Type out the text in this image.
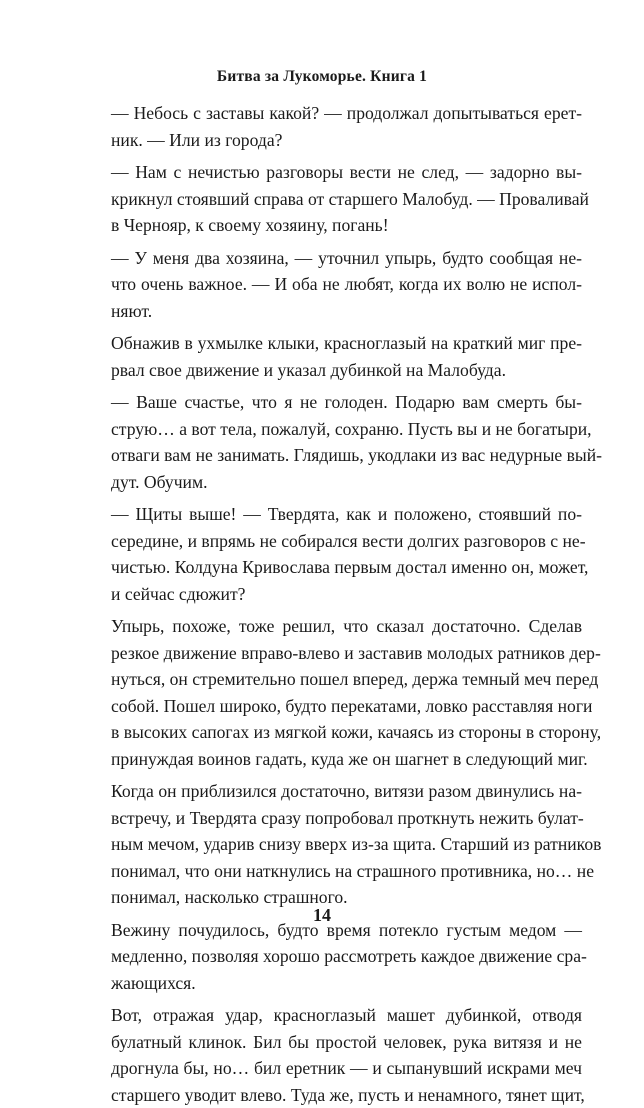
Битва за Лукоморье. Книга 1
— Небось с заставы какой? — продолжал допытываться ерет-
ник. — Или из города?
— Нам с нечистью разговоры вести не след, — задорно вы-
крикнул стоявший справа от старшего Малобуд. — Проваливай
в Чернояр, к своему хозяину, погань!
— У меня два хозяина, — уточнил упырь, будто сообщая не-
что очень важное. — И оба не любят, когда их волю не испол-
няют.
Обнажив в ухмылке клыки, красноглазый на краткий миг пре-
рвал свое движение и указал дубинкой на Малобуда.
— Ваше счастье, что я не голоден. Подарю вам смерть бы-
струю… а вот тела, пожалуй, сохраню. Пусть вы и не богатыри,
отваги вам не занимать. Глядишь, укодлаки из вас недурные вый-
дут. Обучим.
— Щиты выше! — Твердята, как и положено, стоявший по-
середине, и впрямь не собирался вести долгих разговоров с не-
чистью. Колдуна Кривослава первым достал именно он, может,
и сейчас сдюжит?
Упырь, похоже, тоже решил, что сказал достаточно. Сделав
резкое движение вправо-влево и заставив молодых ратников дер-
нуться, он стремительно пошел вперед, держа темный меч перед
собой. Пошел широко, будто перекатами, ловко расставляя ноги
в высоких сапогах из мягкой кожи, качаясь из стороны в сторону,
принуждая воинов гадать, куда же он шагнет в следующий миг.
Когда он приблизился достаточно, витязи разом двинулись на-
встречу, и Твердята сразу попробовал проткнуть нежить булат-
ным мечом, ударив снизу вверх из-за щита. Старший из ратников
понимал, что они наткнулись на страшного противника, но… не
понимал, насколько страшного.
Вежину почудилось, будто время потекло густым медом —
медленно, позволяя хорошо рассмотреть каждое движение сра-
жающихся.
Вот, отражая удар, красноглазый машет дубинкой, отводя
булатный клинок. Бил бы простой человек, рука витязя и не
дрогнула бы, но… бил еретник — и сыпанувший искрами меч
старшего уводит влево. Туда же, пусть и ненамного, тянет щит,
14
